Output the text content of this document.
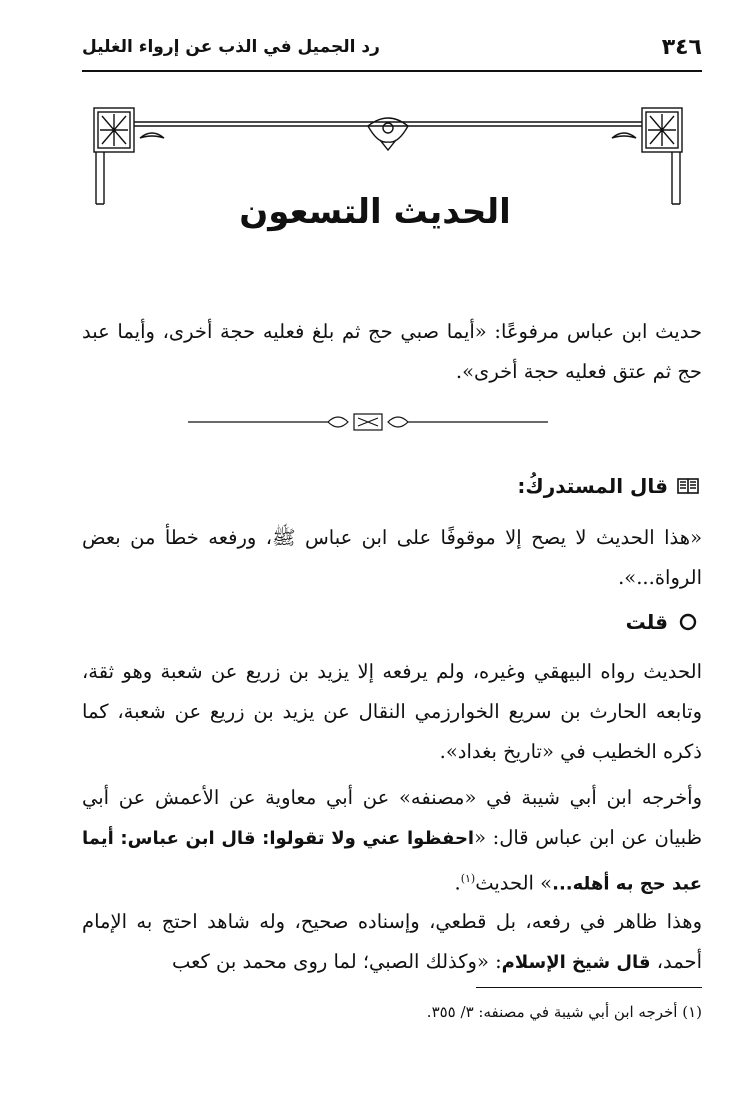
٣٤٦
رد الجميل في الذب عن إرواء الغليل
الحديث التسعون

حديث ابن عباس مرفوعًا: «أيما صبي حج ثم بلغ فعليه حجة أخرى، وأيما عبد حج ثم عتق فعليه حجة أخرى».

قال المستدركُ:

«هذا الحديث لا يصح إلا موقوفًا على ابن عباس ﷺ، ورفعه خطأ من بعض الرواة...».

قلت

الحديث رواه البيهقي وغيره، ولم يرفعه إلا يزيد بن زريع عن شعبة وهو ثقة، وتابعه الحارث بن سريع الخوارزمي النقال عن يزيد بن زريع عن شعبة، كما ذكره الخطيب في «تاريخ بغداد».

وأخرجه ابن أبي شيبة في «مصنفه» عن أبي معاوية عن الأعمش عن أبي ظبيان عن ابن عباس قال: «احفظوا عني ولا تقولوا: قال ابن عباس: أيما عبد حج به أهله...» الحديث$^{(١)}$.

وهذا ظاهر في رفعه، بل قطعي، وإسناده صحيح، وله شاهد احتج به الإمام أحمد، قال شيخ الإسلام: «وكذلك الصبي؛ لما روى محمد بن كعب

(١) أخرجه ابن أبي شيبة في مصنفه: ٣/ ٣٥٥.
